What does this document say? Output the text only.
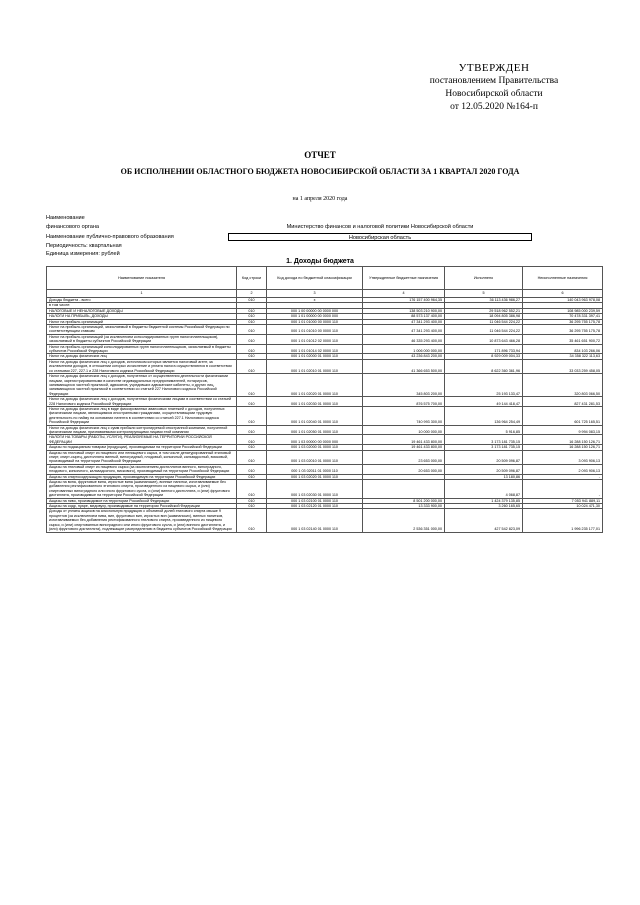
УТВЕРЖДЕН
постановлением Правительства
Новосибирской области
от 12.05.2020 №164-п
ОТЧЕТ
ОБ ИСПОЛНЕНИИ ОБЛАСТНОГО БЮДЖЕТА НОВОСИБИРСКОЙ ОБЛАСТИ ЗА 1 КВАРТАЛ 2020 ГОДА
на 1 апреля 2020 года
Наименование
финансового органа	Министерство финансов и налоговой политики Новосибирской области
Наименование публично-правового образования	Новосибирская область
Периодичность: квартальная
Единица измерения: рублей
1. Доходы бюджета
Наименование показателя	Код строки	Код дохода по бюджетной классификации	Утвержденные бюджетные назначения	Исполнено	Неисполненные назначения
1	2	3	4	5	6
Доходы бюджета - всего	010	x	176 157 400 964,35	36 113 436 986,27	140 043 963 978,08
в том числе:					
НАЛОГОВЫЕ И НЕНАЛОГОВЫЕ ДОХОДЫ	010	000 1 00 00000 00 0000 000	138 503 210 900,00	29 518 962 552,21	108 985 000 239,59
НАЛОГИ НА ПРИБЫЛЬ, ДОХОДЫ	010	000 1 01 00000 00 0000 000	88 573 137 400,00	18 094 805 386,98	70 478 331 397,41
Налог на прибыль организаций	010	000 1 01 01000 00 0000 110	47 341 293 400,00	11 046 544 224,22	36 295 755 175,78
Налог на прибыль организаций, зачисляемый в бюджеты бюджетной системы Российской Федерации по соответствующим ставкам	010	000 1 01 01010 00 0000 110	47 341 293 400,00	11 046 544 224,22	36 295 755 175,78
Налог на прибыль организаций (за исключением консолидированных групп налогоплательщиков), зачисляемый в бюджеты субъектов Российской Федерации	010	000 1 01 01012 02 0000 110	46 335 293 400,00	10 873 643 466,28	35 461 651 900,72
Налог на прибыль организаций консолидированных групп налогоплательщиков, зачисляемый в бюджеты субъектов Российской Федерации	010	000 1 01 01014 02 0000 110	1 006 000 000,00	171 896 733,94	834 103 266,06
Налог на доходы физических лиц	010	000 1 01 02000 01 0000 110	43 236 843 200,00	8 929 009 004,33	34 358 322 113,63
Налог на доходы физических лиц с доходов, источником которых является налоговый агент, за исключением доходов, в отношении которых исчисление и уплата налога осуществляются в соответствии со статьями 227, 227.1 и 228 Налогового кодекса Российской Федерации	010	000 1 01 02010 01 0000 110	41 366 653 500,00	8 622 360 361,96	33 033 259 458,05
Налог на доходы физических лиц с доходов, полученных от осуществления деятельности физическими лицами, зарегистрированными в качестве индивидуальных предпринимателей, нотариусов, занимающихся частной практикой, адвокатов, учредивших адвокатские кабинеты, и других лиц, занимающихся частной практикой в соответствии со статьей 227 Налогового кодекса Российской Федерации	010	000 1 01 02020 01 0000 110	345 803 200,00	25 193 133,47	320 803 066,50
Налог на доходы физических лиц с доходов, полученных физическими лицами в соответствии со статьей 228 Налогового кодекса Российской Федерации	010	000 1 01 02030 01 0000 110	876 575 700,00	49 144 418,47	827 431 281,53
Налог на доходы физических лиц в виде фиксированных авансовых платежей с доходов, полученных физическими лицами, являющимися иностранными гражданами, осуществляющими трудовую деятельность по найму на основании патента в соответствии со статьей 227.1 Налогового кодекса Российской Федерации	010	000 1 01 02040 01 0000 110	740 993 300,00	136 964 254,49	601 725 165,51
Налог на доходы физических лиц с сумм прибыли контролируемой иностранной компании, полученной физическими лицами, признаваемыми контролирующими лицами этой компании	010	000 1 01 02050 01 0000 110	10 000 000,00	5 916,85	9 994 083,15
НАЛОГИ НА ТОВАРЫ (РАБОТЫ, УСЛУГИ), РЕАЛИЗУЕМЫЕ НА ТЕРРИТОРИИ РОССИЙСКОЙ ФЕДЕРАЦИИ	010	000 1 03 00000 00 0000 000	19 461 433 800,00	3 173 181 735,15	16 288 150 126,71
Акцизы по подакцизным товарам (продукции), производимым на территории Российской Федерации	010	000 1 03 02000 01 0000 110	19 461 433 800,00	3 173 181 735,15	16 288 150 126,71
Акцизы на этиловый спирт из пищевого или непищевого сырья, в том числе денатурированный этиловый спирт, спирт-сырец, дистилляты винный, виноградный, плодовый, коньячный, кальвадосный, висковый, производимый на территории Российской Федерации	010	000 1 03 02010 01 0000 110	23 653 000,00	20 509 096,87	3 093 906,13
Акцизы на этиловый спирт из пищевого сырья (за исключением дистиллятов винного, виноградного, плодового, коньячного, кальвадосного, вискового), производимый на территории Российской Федерации	010	000 1 03 02011 01 0000 110	20 653 000,00	20 509 096,87	2 093 906,13
Акцизы на спиртосодержащую продукцию, производимую на территории Российской Федерации	010	000 1 03 02020 01 0000 110		13 180,86	-
Акцизы на вина, фруктовые вина, игристые вина (шампанские), винные напитки, изготавливаемые без добавления ректификованного этилового спирта, произведенного из пищевого сырья, и (или) спиртованных виноградного или иного фруктового сусла, и (или) винного дистиллята, и (или) фруктового дистиллята, производимые на территории Российской Федерации	010	000 1 03 02030 01 0000 110		4 068,87	-
Акцизы на пиво, производимое на территории Российской Федерации	010	000 1 03 02100 01 0000 110	8 501 200 000,00	1 424 379 135,85	7 053 941 889,11
Акцизы на сидр, пуаре, медовуху, производимые на территории Российской Федерации	010	000 1 03 02120 01 0000 110	13 333 900,00	3 260 165,65	10 024 471,30
Доходы от уплаты акцизов на алкогольную продукцию с объемной долей этилового спирта свыше 9 процентов (за исключением пива, вин, фруктовых вин, игристых вин (шампанских), винных напитков, изготавливаемых без добавления ректификованного этилового спирта, произведенного из пищевого сырья, и (или) спиртованных виноградного или иного фруктового сусла, и (или) винного дистиллята, и (или) фруктового дистиллята), подлежащие распределению в бюджеты субъектов Российской Федерации	010	000 1 03 02140 01 0000 110	2 536 351 000,00	427 542 823,09	1 996 235 177,01
